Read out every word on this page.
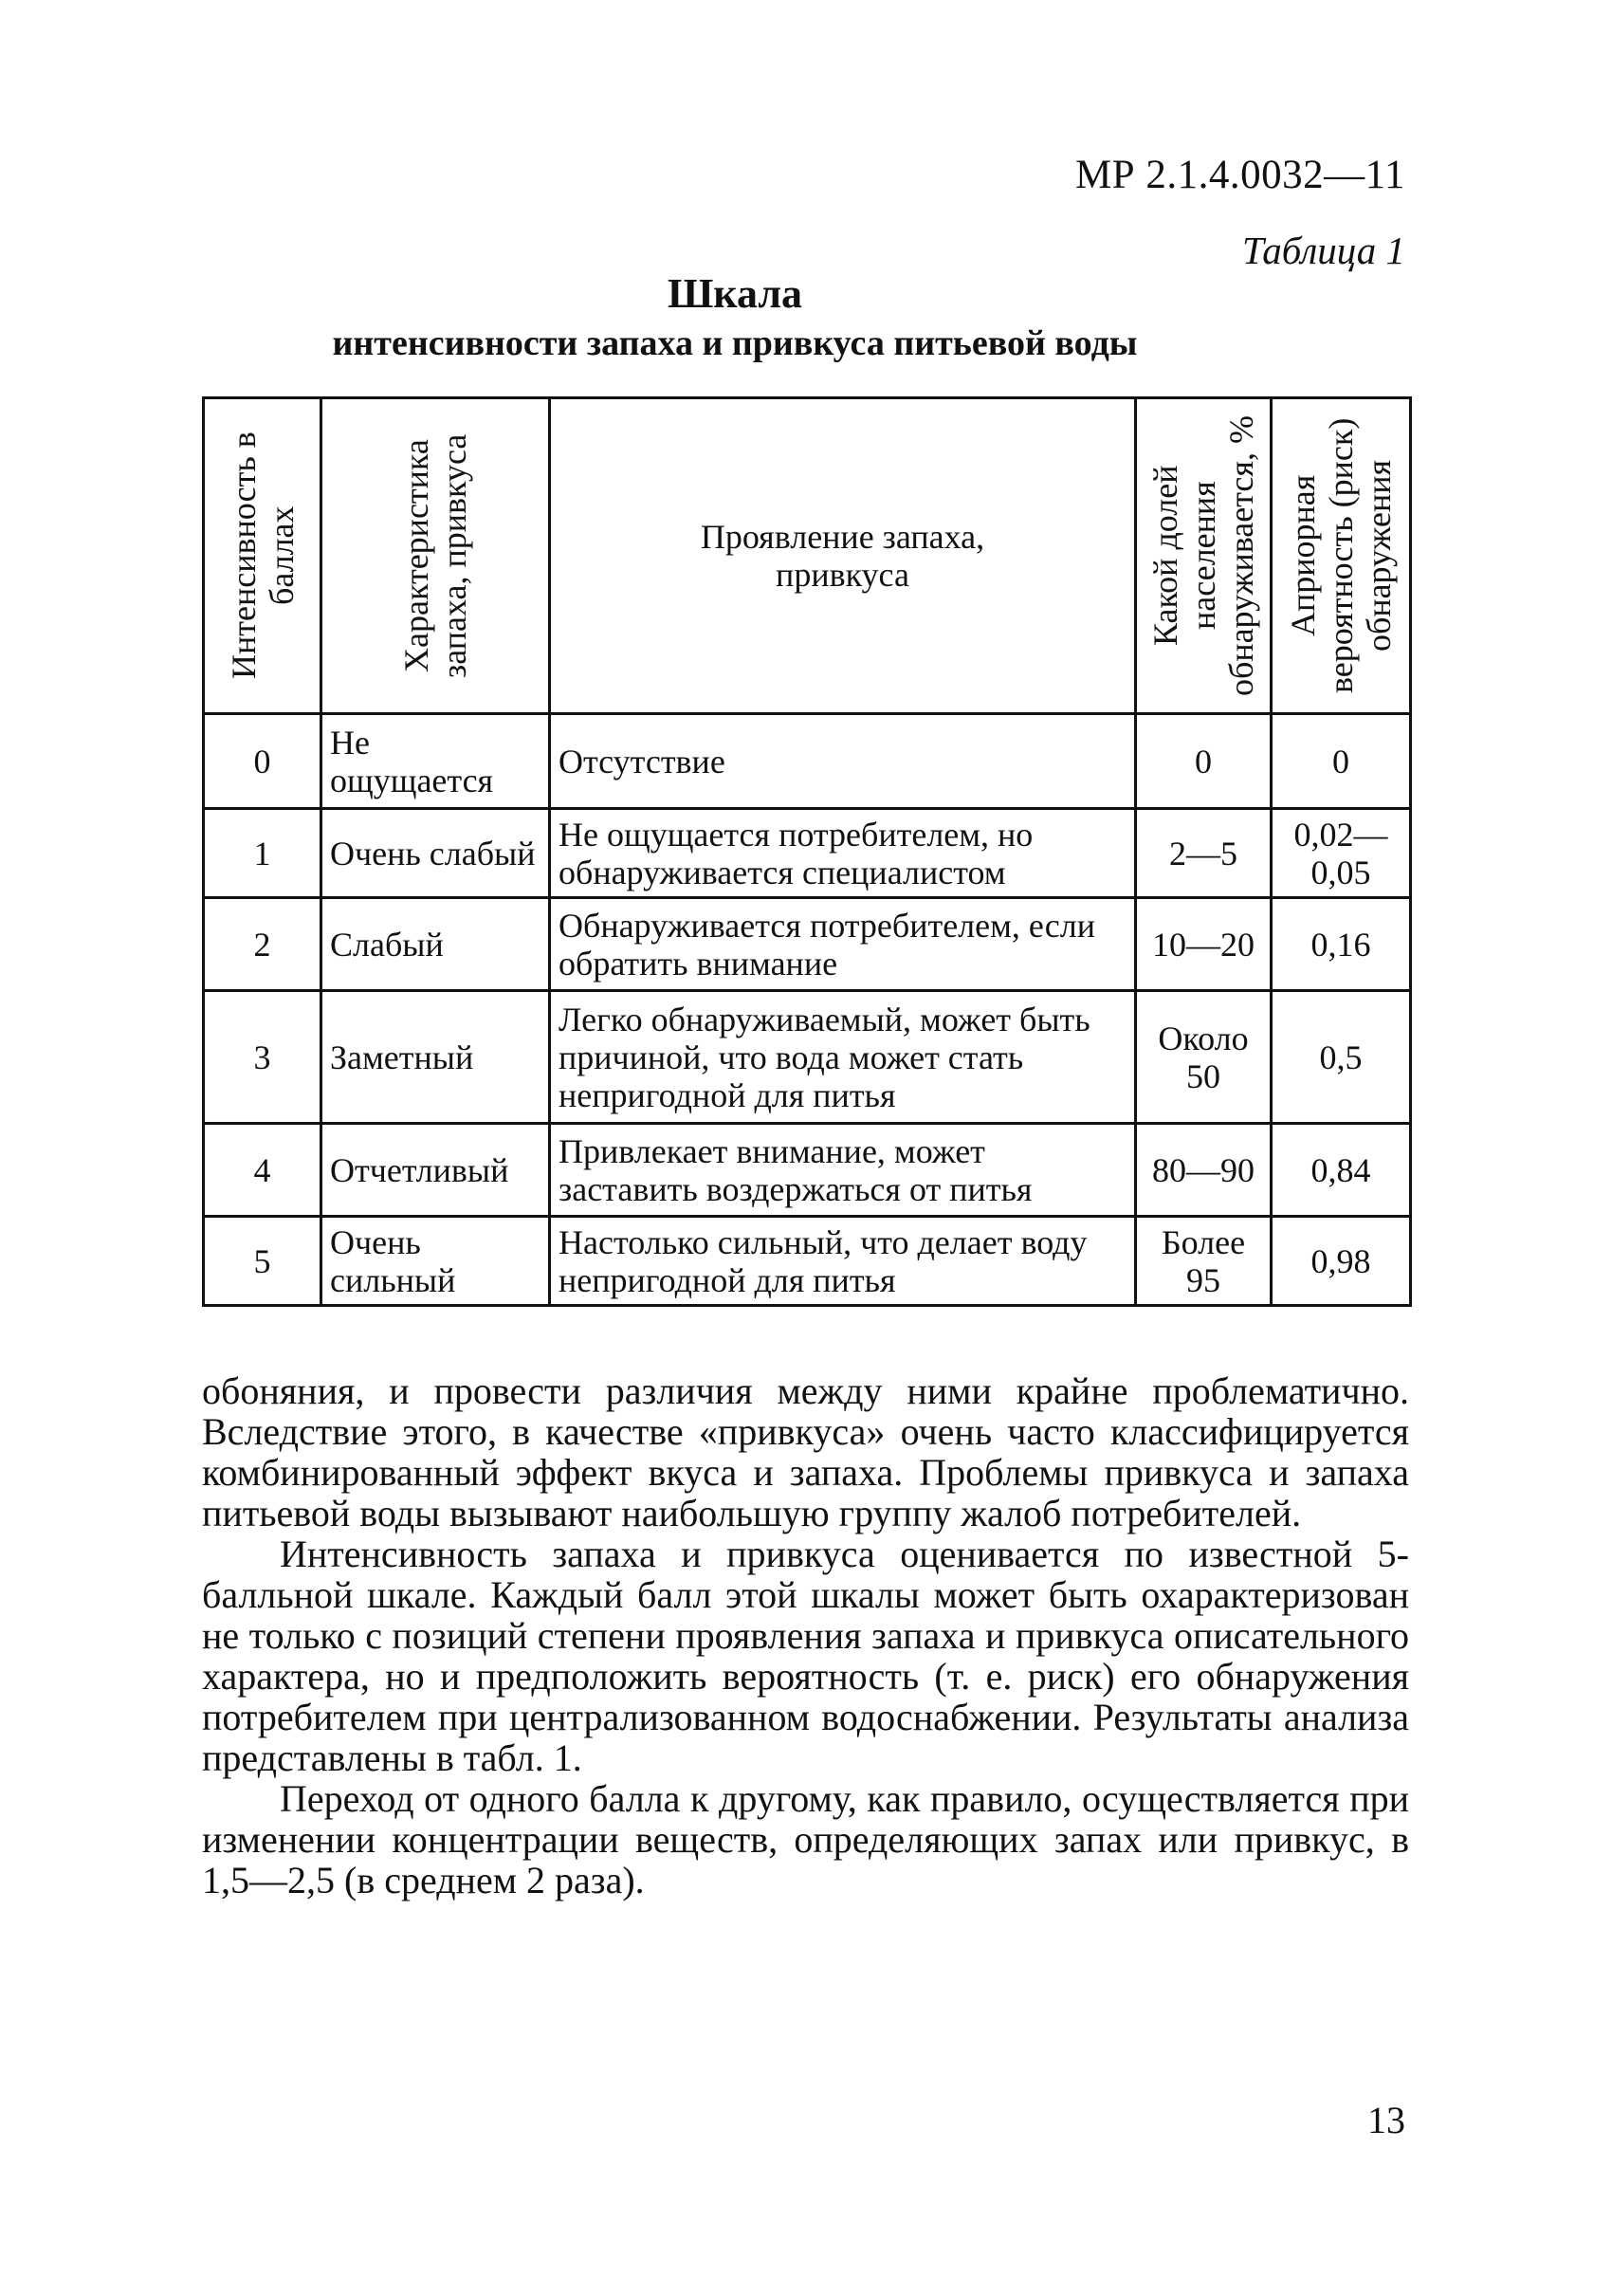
МР 2.1.4.0032—11
Таблица 1
Шкала
интенсивности запаха и привкуса питьевой воды
Интенсивность в баллах	Характеристика запаха, привкуса	Проявление запаха, привкуса	Какой долей населения обнаруживается, %	Априорная вероятность (риск) обнаружения

0	Не ощущается	Отсутствие	0	0
1	Очень слабый	Не ощущается потребителем, но обнаруживается специалистом	2—5	0,02—0,05
2	Слабый	Обнаруживается потребителем, если обратить внимание	10—20	0,16
3	Заметный	Легко обнаруживаемый, может быть причиной, что вода может стать непригодной для питья	Около 50	0,5
4	Отчетливый	Привлекает внимание, может заставить воздержаться от питья	80—90	0,84
5	Очень сильный	Настолько сильный, что делает воду непригодной для питья	Более 95	0,98

обоняния, и провести различия между ними крайне проблематично. Вследствие этого, в качестве «привкуса» очень часто классифицируется комбинированный эффект вкуса и запаха. Проблемы привкуса и запаха питьевой воды вызывают наибольшую группу жалоб потребителей.

Интенсивность запаха и привкуса оценивается по известной 5-балльной шкале. Каждый балл этой шкалы может быть охарактеризован не только с позиций степени проявления запаха и привкуса описательного характера, но и предположить вероятность (т. е. риск) его обнаружения потребителем при централизованном водоснабжении. Результаты анализа представлены в табл. 1.

Переход от одного балла к другому, как правило, осуществляется при изменении концентрации веществ, определяющих запах или привкус, в 1,5—2,5 (в среднем 2 раза).

13
